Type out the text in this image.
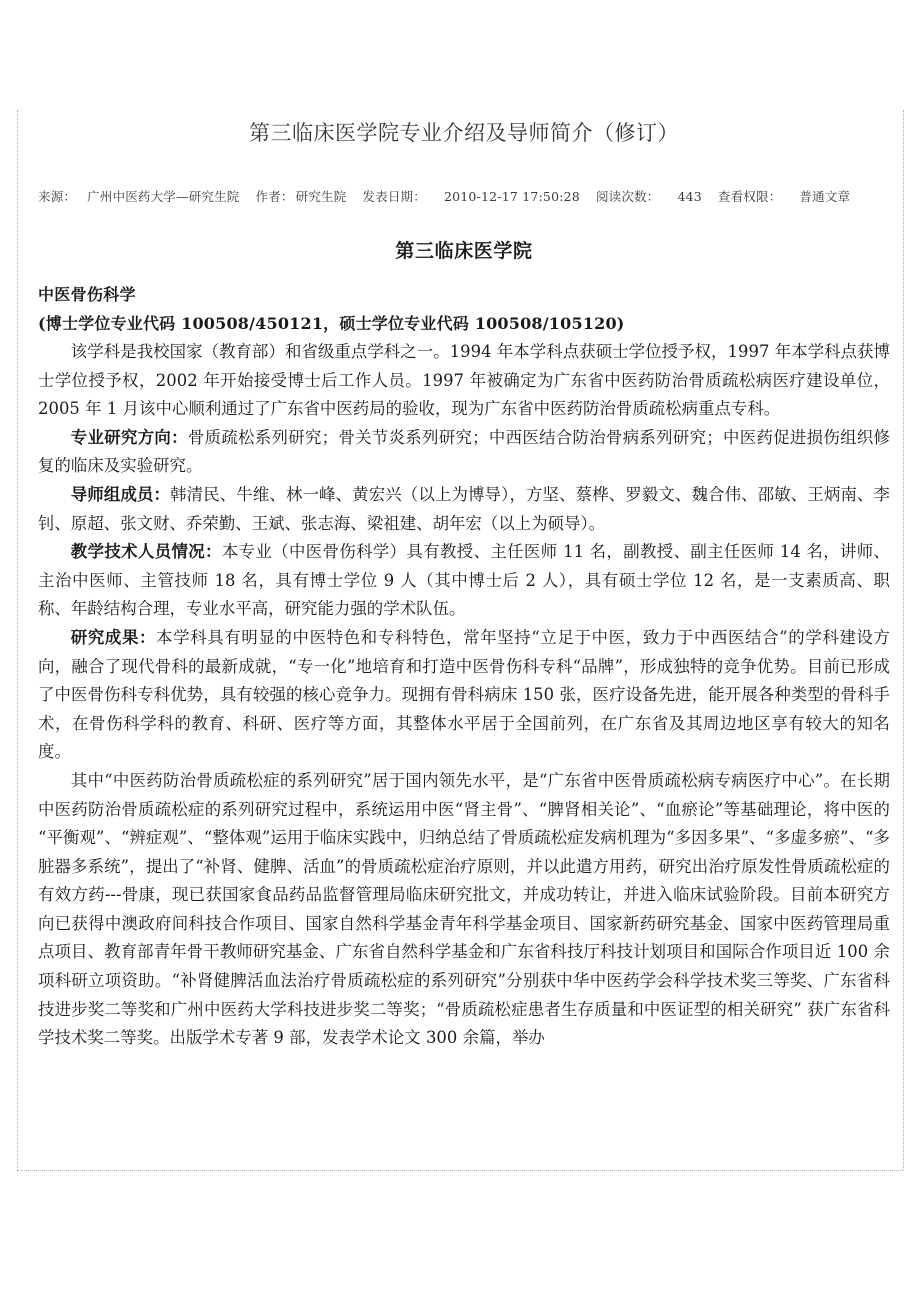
第三临床医学院专业介绍及导师简介（修订）
来源： 广州中医药大学—研究生院 作者： 研究生院 发表日期： 2010-12-17 17:50:28 阅读次数： 443 查看权限： 普通文章
第三临床医学院
中医骨伤科学
(博士学位专业代码 100508/450121，硕士学位专业代码 100508/105120)

该学科是我校国家（教育部）和省级重点学科之一。1994 年本学科点获硕士学位授予权，1997 年本学科点获博士学位授予权，2002 年开始接受博士后工作人员。1997 年被确定为广东省中医药防治骨质疏松病医疗建设单位，2005 年 1 月该中心顺利通过了广东省中医药局的验收，现为广东省中医药防治骨质疏松病重点专科。

专业研究方向：骨质疏松系列研究；骨关节炎系列研究；中西医结合防治骨病系列研究；中医药促进损伤组织修复的临床及实验研究。

导师组成员：韩清民、牛维、林一峰、黄宏兴（以上为博导），方坚、蔡桦、罗毅文、魏合伟、邵敏、王炳南、李钊、原超、张文财、乔荣勤、王斌、张志海、梁祖建、胡年宏（以上为硕导）。

教学技术人员情况：本专业（中医骨伤科学）具有教授、主任医师 11 名，副教授、副主任医师 14 名，讲师、主治中医师、主管技师 18 名，具有博士学位 9 人（其中博士后 2 人），具有硕士学位 12 名，是一支素质高、职称、年龄结构合理，专业水平高，研究能力强的学术队伍。

研究成果：本学科具有明显的中医特色和专科特色，常年坚持“立足于中医，致力于中西医结合”的学科建设方向，融合了现代骨科的最新成就，“专一化”地培育和打造中医骨伤科专科“品牌”，形成独特的竞争优势。目前已形成了中医骨伤科专科优势，具有较强的核心竞争力。现拥有骨科病床 150 张，医疗设备先进，能开展各种类型的骨科手术，在骨伤科学科的教育、科研、医疗等方面，其整体水平居于全国前列，在广东省及其周边地区享有较大的知名度。

其中“中医药防治骨质疏松症的系列研究”居于国内领先水平，是“广东省中医骨质疏松病专病医疗中心”。在长期中医药防治骨质疏松症的系列研究过程中，系统运用中医“肾主骨”、“脾肾相关论”、“血瘀论”等基础理论，将中医的“平衡观”、“辨症观”、“整体观”运用于临床实践中，归纳总结了骨质疏松症发病机理为“多因多果”、“多虚多瘀”、“多脏器多系统”，提出了“补肾、健脾、活血”的骨质疏松症治疗原则，并以此遣方用药，研究出治疗原发性骨质疏松症的有效方药---骨康，现已获国家食品药品监督管理局临床研究批文，并成功转让，并进入临床试验阶段。目前本研究方向已获得中澳政府间科技合作项目、国家自然科学基金青年科学基金项目、国家新药研究基金、国家中医药管理局重点项目、教育部青年骨干教师研究基金、广东省自然科学基金和广东省科技厅科技计划项目和国际合作项目近 100 余项科研立项资助。“补肾健脾活血法治疗骨质疏松症的系列研究”分别获中华中医药学会科学技术奖三等奖、广东省科技进步奖二等奖和广州中医药大学科技进步奖二等奖；“骨质疏松症患者生存质量和中医证型的相关研究” 获广东省科学技术奖二等奖。出版学术专著 9 部，发表学术论文 300 余篇，举办
